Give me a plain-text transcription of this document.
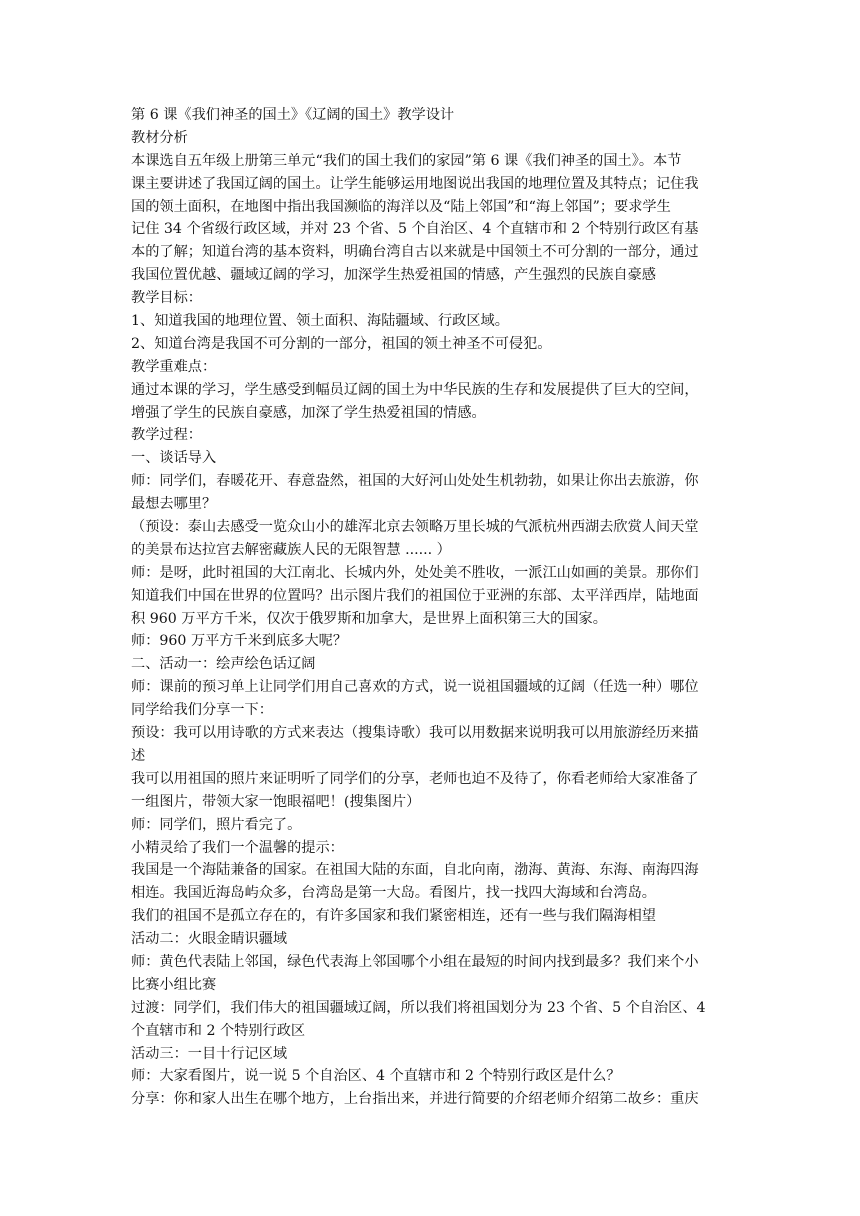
第 6 课《我们神圣的国土》《辽阔的国土》教学设计
教材分析
本课选自五年级上册第三单元“我们的国土我们的家园”第 6 课《我们神圣的国土》。本节
课主要讲述了我国辽阔的国土。让学生能够运用地图说出我国的地理位置及其特点；记住我
国的领土面积，在地图中指出我国濒临的海洋以及“陆上邻国”和“海上邻国”；要求学生
记住 34 个省级行政区域，并对 23 个省、5 个自治区、4 个直辖市和 2 个特别行政区有基
本的了解；知道台湾的基本资料，明确台湾自古以来就是中国领土不可分割的一部分，通过
我国位置优越、疆域辽阔的学习，加深学生热爱祖国的情感，产生强烈的民族自豪感
教学目标：
1、知道我国的地理位置、领土面积、海陆疆域、行政区域。
2、知道台湾是我国不可分割的一部分，祖国的领土神圣不可侵犯。
教学重难点：
通过本课的学习，学生感受到幅员辽阔的国土为中华民族的生存和发展提供了巨大的空间，
增强了学生的民族自豪感，加深了学生热爱祖国的情感。
教学过程：
一、谈话导入
师：同学们，春暖花开、春意盎然，祖国的大好河山处处生机勃勃，如果让你出去旅游，你
最想去哪里？
（预设：泰山去感受一览众山小的雄浑北京去领略万里长城的气派杭州西湖去欣赏人间天堂
的美景布达拉宫去解密藏族人民的无限智慧 ...... ）
师：是呀，此时祖国的大江南北、长城内外，处处美不胜收，一派江山如画的美景。那你们
知道我们中国在世界的位置吗？出示图片我们的祖国位于亚洲的东部、太平洋西岸，陆地面
积 960 万平方千米，仅次于俄罗斯和加拿大，是世界上面积第三大的国家。
师：960 万平方千米到底多大呢？
二、活动一：绘声绘色话辽阔
师：课前的预习单上让同学们用自己喜欢的方式，说一说祖国疆域的辽阔（任选一种）哪位
同学给我们分享一下：
预设：我可以用诗歌的方式来表达（搜集诗歌）我可以用数据来说明我可以用旅游经历来描
述
我可以用祖国的照片来证明听了同学们的分享，老师也迫不及待了，你看老师给大家准备了
一组图片，带领大家一饱眼福吧！(搜集图片）
师：同学们，照片看完了。
小精灵给了我们一个温馨的提示：
我国是一个海陆兼备的国家。在祖国大陆的东面，自北向南，渤海、黄海、东海、南海四海
相连。我国近海岛屿众多，台湾岛是第一大岛。看图片，找一找四大海域和台湾岛。
我们的祖国不是孤立存在的，有许多国家和我们紧密相连，还有一些与我们隔海相望
活动二：火眼金睛识疆域
师：黄色代表陆上邻国，绿色代表海上邻国哪个小组在最短的时间内找到最多？我们来个小
比赛小组比赛
过渡：同学们，我们伟大的祖国疆域辽阔，所以我们将祖国划分为 23 个省、5 个自治区、4
个直辖市和 2 个特别行政区
活动三：一目十行记区域
师：大家看图片，说一说 5 个自治区、4 个直辖市和 2 个特别行政区是什么？
分享：你和家人出生在哪个地方，上台指出来，并进行简要的介绍老师介绍第二故乡：重庆
